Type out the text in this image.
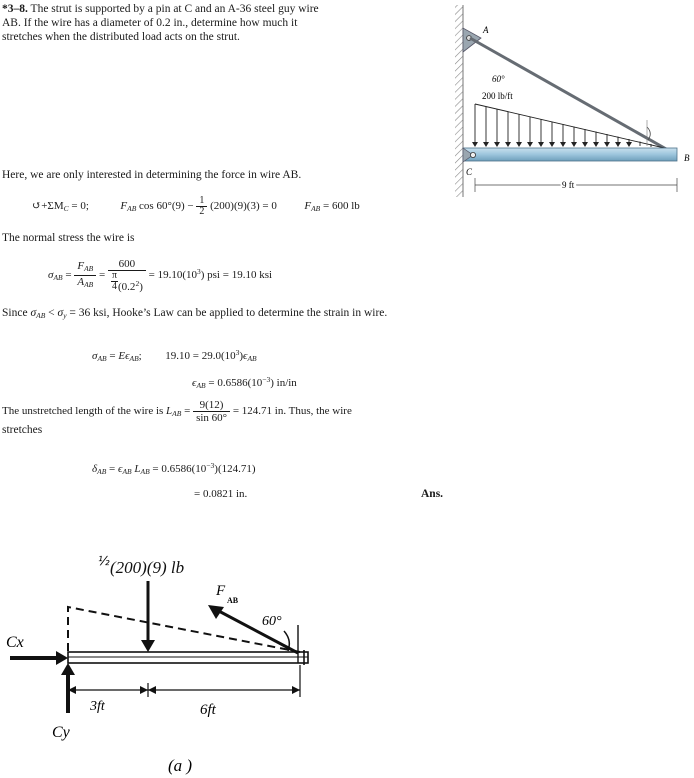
*3–8. The strut is supported by a pin at C and an A-36 steel guy wire AB. If the wire has a diameter of 0.2 in., determine how much it stretches when the distributed load acts on the strut.
A
B
C
60°
200 lb/ft
9 ft
Here, we are only interested in determining the force in wire AB.
$↺+\Sigma M_C = 0$;	$F_{AB}$ $\cos 60^\circ(9) - \frac{1}{2} (200)(9)(3) = 0$	$F_{AB} = 600$ lb
The normal stress the wire is
$\sigma_{AB} = \frac{F_{AB}}{A_{AB}} = \frac{600}{\frac{\pi}{4} (0.2^2)} = 19.10(10^3)$ psi = 19.10 ksi
Since $\sigma_{AB} < \sigma_y = 36$ ksi, Hooke’s Law can be applied to determine the strain in wire.
$\sigma_{AB} = E\epsilon_{AB}$;  $19.10 = 29.0(10^3)\epsilon_{AB}$
$\epsilon_{AB} = 0.6586(10^{-3})$ in/in
The unstretched length of the wire is $L_{AB} = \frac{9(12)}{\sin 60^\circ} = 124.71$ in. Thus, the wire
stretches
$\delta_{AB} = \epsilon_{AB}$ $L_{AB} = 0.6586(10^{-3})(124.71)$
= 0.0821 in.	Ans.
½ (200)(9) lb
F
AB
60°
Cx
Cy
3ft	6ft
(a )
